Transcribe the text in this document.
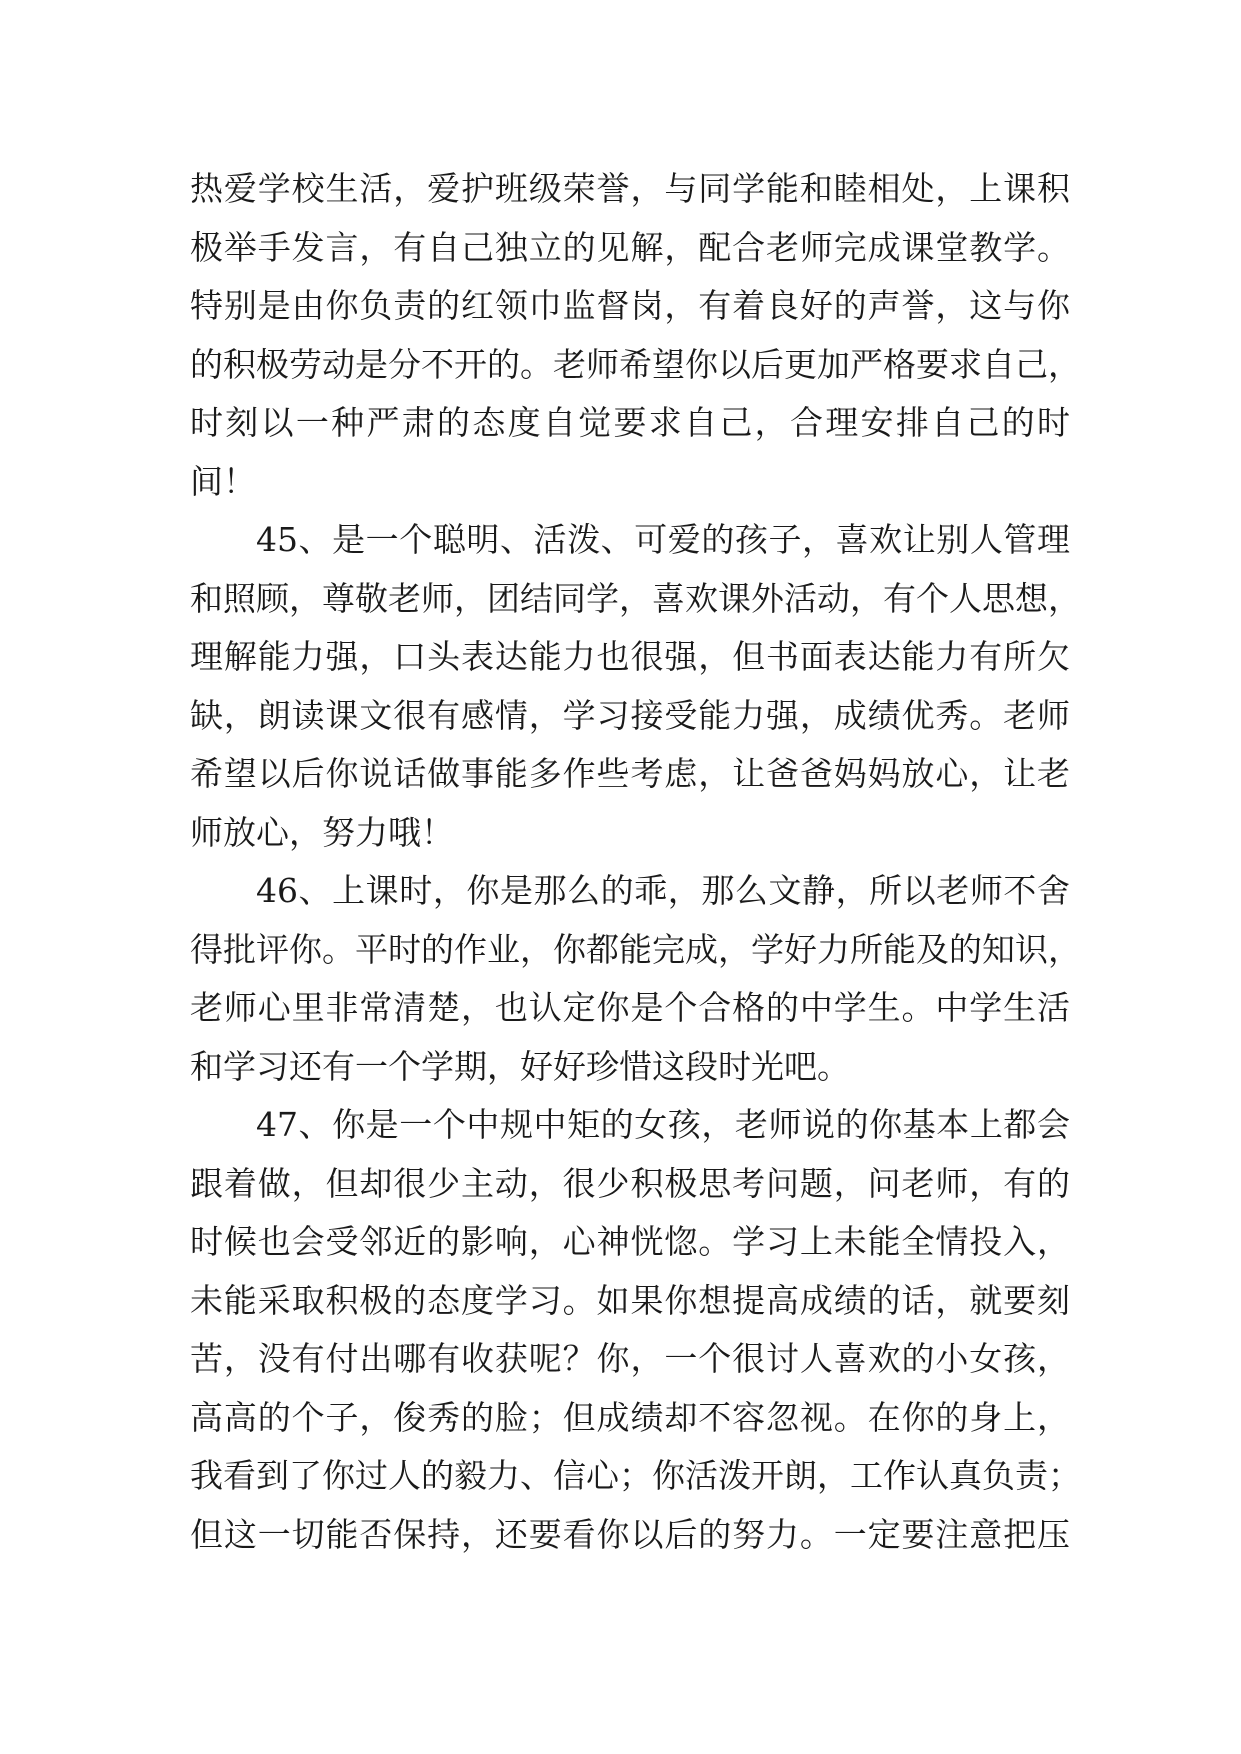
热爱学校生活，爱护班级荣誉，与同学能和睦相处，上课积
极举手发言，有自己独立的见解，配合老师完成课堂教学。
特别是由你负责的红领巾监督岗，有着良好的声誉，这与你
的积极劳动是分不开的。老师希望你以后更加严格要求自己，
时刻以一种严肃的态度自觉要求自己，合理安排自己的时
间！
45、是一个聪明、活泼、可爱的孩子，喜欢让别人管理
和照顾，尊敬老师，团结同学，喜欢课外活动，有个人思想，
理解能力强，口头表达能力也很强，但书面表达能力有所欠
缺，朗读课文很有感情，学习接受能力强，成绩优秀。老师
希望以后你说话做事能多作些考虑，让爸爸妈妈放心，让老
师放心，努力哦！
46、上课时，你是那么的乖，那么文静，所以老师不舍
得批评你。平时的作业，你都能完成，学好力所能及的知识，
老师心里非常清楚，也认定你是个合格的中学生。中学生活
和学习还有一个学期，好好珍惜这段时光吧。
47、你是一个中规中矩的女孩，老师说的你基本上都会
跟着做，但却很少主动，很少积极思考问题，问老师，有的
时候也会受邻近的影响，心神恍惚。学习上未能全情投入，
未能采取积极的态度学习。如果你想提高成绩的话，就要刻
苦，没有付出哪有收获呢？你，一个很讨人喜欢的小女孩，
高高的个子，俊秀的脸；但成绩却不容忽视。在你的身上，
我看到了你过人的毅力、信心；你活泼开朗，工作认真负责；
但这一切能否保持，还要看你以后的努力。一定要注意把压
